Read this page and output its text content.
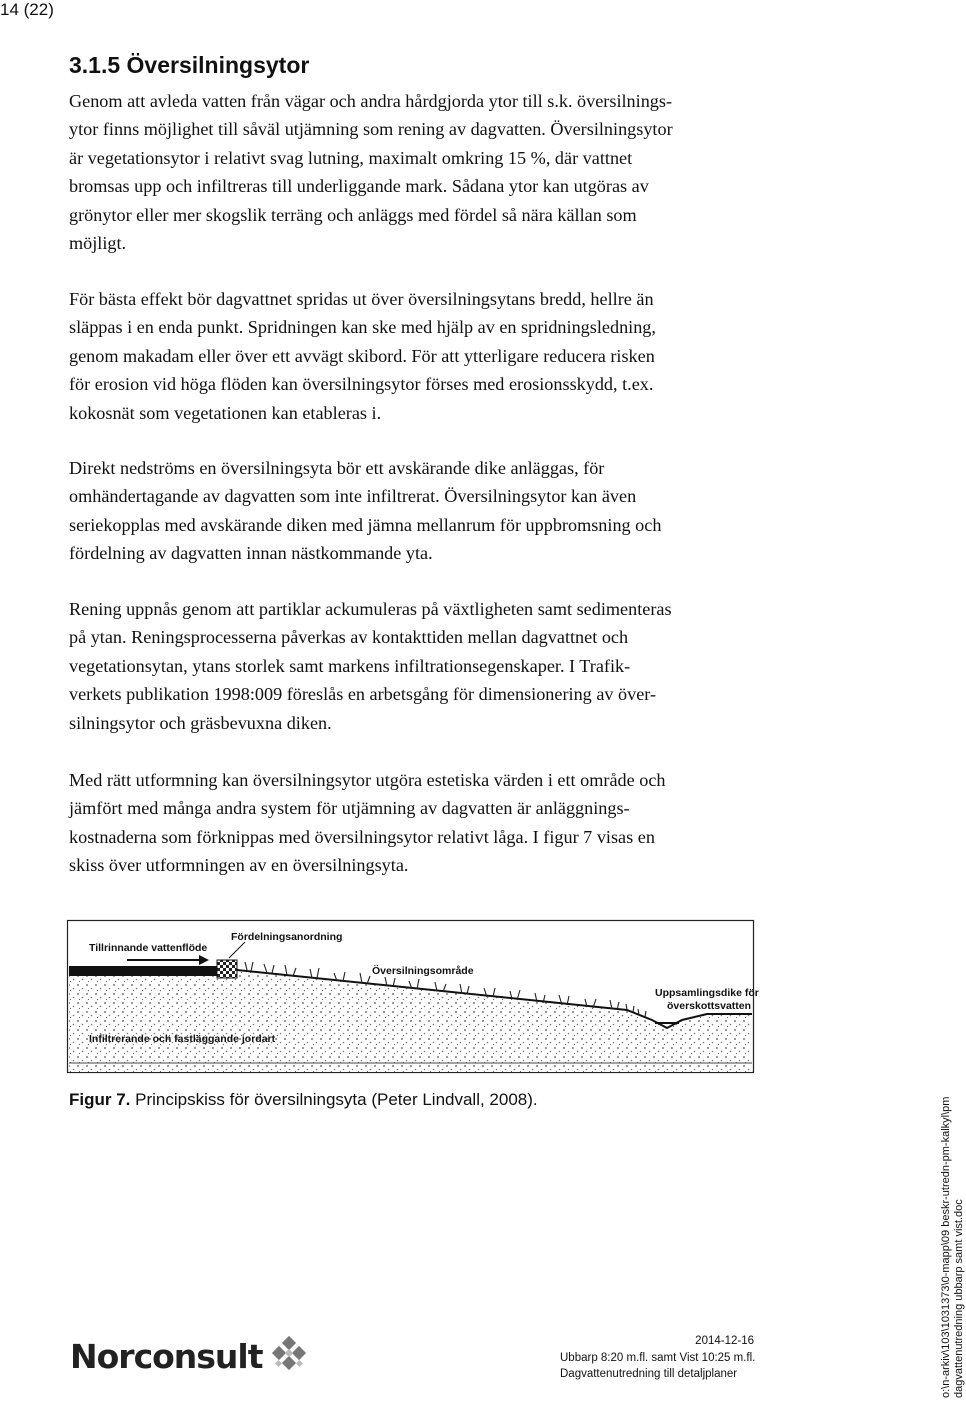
14 (22)
3.1.5 Översilningsytor

Genom att avleda vatten från vägar och andra hårdgjorda ytor till s.k. översilnings-
ytor finns möjlighet till såväl utjämning som rening av dagvatten. Översilningsytor
är vegetationsytor i relativt svag lutning, maximalt omkring 15 %, där vattnet
bromsas upp och infiltreras till underliggande mark. Sådana ytor kan utgöras av
grönytor eller mer skogslik terräng och anläggs med fördel så nära källan som
möjligt.

För bästa effekt bör dagvattnet spridas ut över översilningsytans bredd, hellre än
släppas i en enda punkt. Spridningen kan ske med hjälp av en spridningsledning,
genom makadam eller över ett avvägt skibord. För att ytterligare reducera risken
för erosion vid höga flöden kan översilningsytor förses med erosionsskydd, t.ex.
kokosnät som vegetationen kan etableras i.

Direkt nedströms en översilningsyta bör ett avskärande dike anläggas, för
omhändertagande av dagvatten som inte infiltrerat. Översilningsytor kan även
seriekopplas med avskärande diken med jämna mellanrum för uppbromsning och
fördelning av dagvatten innan nästkommande yta.

Rening uppnås genom att partiklar ackumuleras på växtligheten samt sedimenteras
på ytan. Reningsprocesserna påverkas av kontakttiden mellan dagvattnet och
vegetationsytan, ytans storlek samt markens infiltrationsegenskaper. I Trafik-
verkets publikation 1998:009 föreslås en arbetsgång för dimensionering av över-
silningsytor och gräsbevuxna diken.

Med rätt utformning kan översilningsytor utgöra estetiska värden i ett område och
jämfört med många andra system för utjämning av dagvatten är anläggnings-
kostnaderna som förknippas med översilningsytor relativt låga. I figur 7 visas en
skiss över utformningen av en översilningsyta.

Tillrinnande vattenflöde
Fördelningsanordning
Översilningsområde
Uppsamlingsdike för
överskottsvatten
Infiltrerande och fastläggande jordart

Figur 7. Principskiss för översilningsyta (Peter Lindvall, 2008).

Norconsult	2014-12-16
Ubbarp 8:20 m.fl. samt Vist 10:25 m.fl.
Dagvattenutredning till detaljplaner	o:\n-arkiv\103\1031373\0-mapp\09 beskr-utredn-pm-kalkyl\pm dagvattenutredning ubbarp samt vist.doc
